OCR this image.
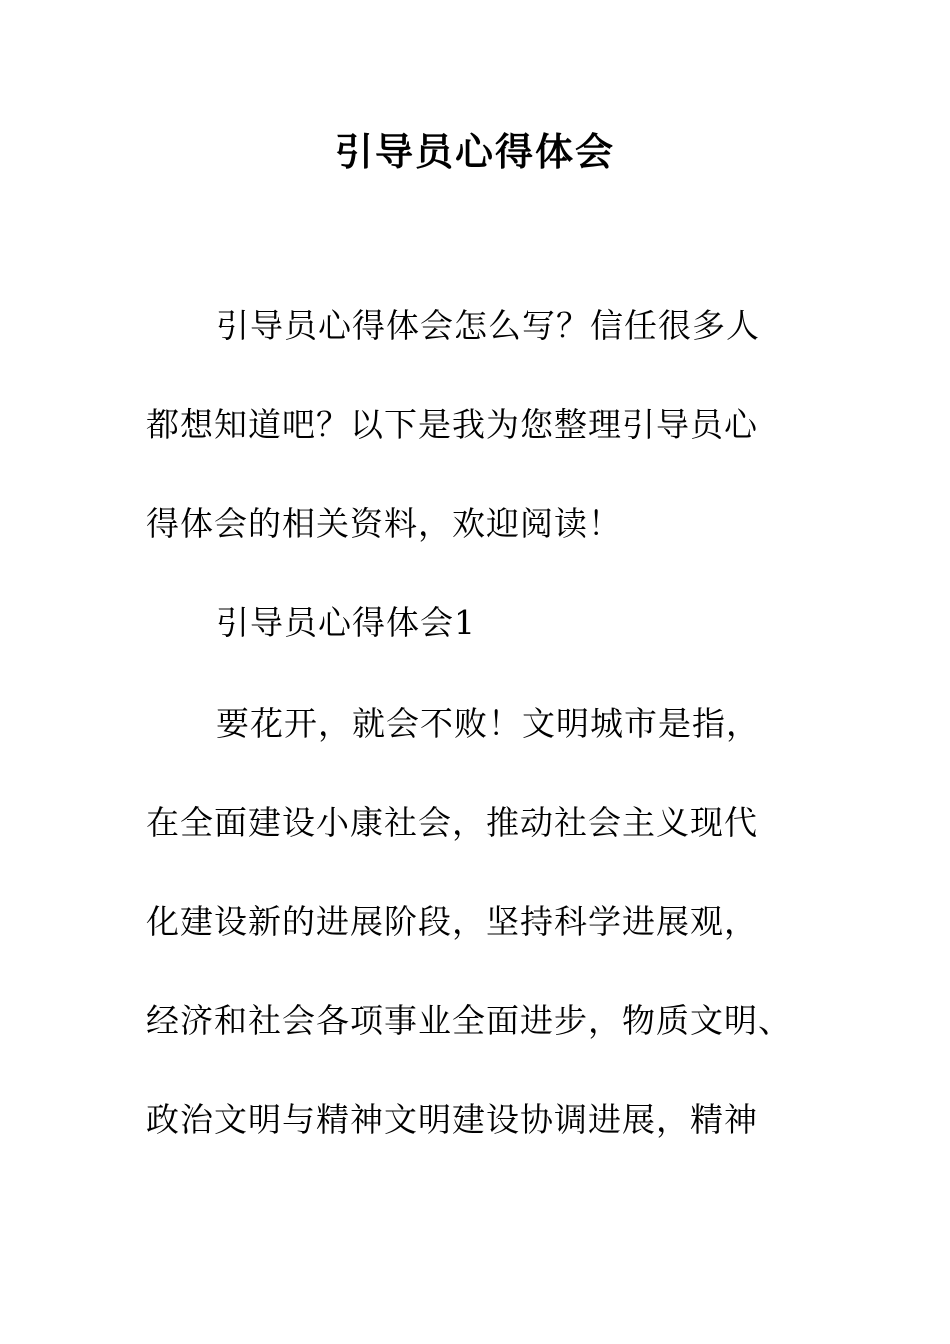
引导员心得体会

引导员心得体会怎么写？信任很多人

都想知道吧？以下是我为您整理引导员心

得体会的相关资料，欢迎阅读！

引导员心得体会1

要花开，就会不败！文明城市是指，

在全面建设小康社会，推动社会主义现代

化建设新的进展阶段，坚持科学进展观，

经济和社会各项事业全面进步，物质文明、

政治文明与精神文明建设协调进展，精神
